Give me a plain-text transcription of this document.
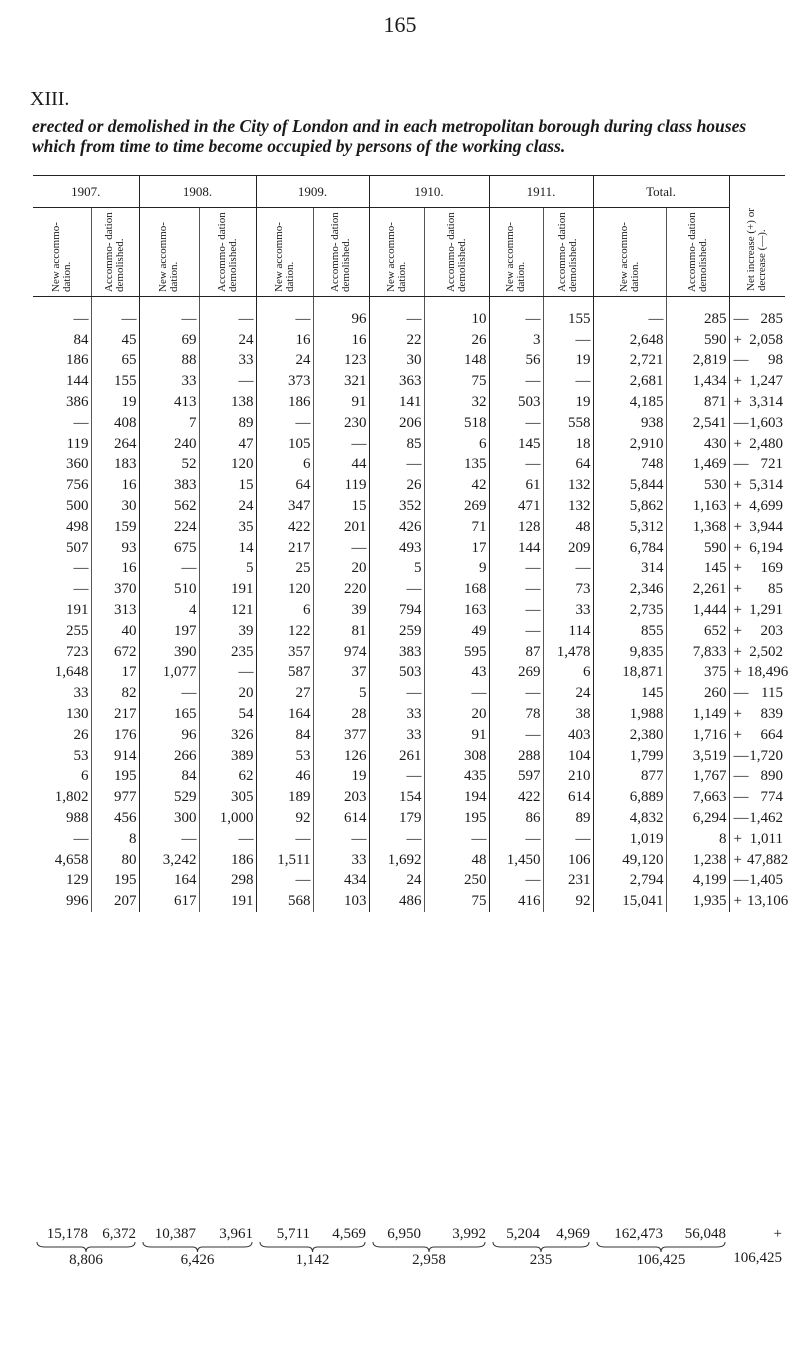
165
XIII.
erected or demolished in the City of London and in each metropolitan borough during class houses which from time to time become occupied by persons of the working class.
1907.		1908.		1909.		1910.		1911.		Total.		Net increase (+) or decrease (—).	

New accommo- dation.	Accommo- dation demolished.	New accommo- dation.	Accommo- dation demolished.	New accommo- dation.	Accommo- dation demolished.	New accommo- dation.	Accommo- dation demolished.	New accommo- dation.	Accommo- dation demolished.	New accommo- dation.	Accommo- dation demolished.		

—	—	—	—	—	96	—	10	—	155	—	285	—	285
84	45	69	24	16	16	22	26	3	—	2,648	590	+	2,058
186	65	88	33	24	123	30	148	56	19	2,721	2,819	—	98
144	155	33	—	373	321	363	75	—	—	2,681	1,434	+	1,247
386	19	413	138	186	91	141	32	503	19	4,185	871	+	3,314
—	408	7	89	—	230	206	518	—	558	938	2,541	—	1,603
119	264	240	47	105	—	85	6	145	18	2,910	430	+	2,480
360	183	52	120	6	44	—	135	—	64	748	1,469	—	721
756	16	383	15	64	119	26	42	61	132	5,844	530	+	5,314
500	30	562	24	347	15	352	269	471	132	5,862	1,163	+	4,699
498	159	224	35	422	201	426	71	128	48	5,312	1,368	+	3,944
507	93	675	14	217	—	493	17	144	209	6,784	590	+	6,194
—	16	—	5	25	20	5	9	—	—	314	145	+	169
—	370	510	191	120	220	—	168	—	73	2,346	2,261	+	85
191	313	4	121	6	39	794	163	—	33	2,735	1,444	+	1,291
255	40	197	39	122	81	259	49	—	114	855	652	+	203
723	672	390	235	357	974	383	595	87	1,478	9,835	7,833	+	2,502
1,648	17	1,077	—	587	37	503	43	269	6	18,871	375	+	18,496
33	82	—	20	27	5	—	—	—	24	145	260	—	115
130	217	165	54	164	28	33	20	78	38	1,988	1,149	+	839
26	176	96	326	84	377	33	91	—	403	2,380	1,716	+	664
53	914	266	389	53	126	261	308	288	104	1,799	3,519	—	1,720
6	195	84	62	46	19	—	435	597	210	877	1,767	—	890
1,802	977	529	305	189	203	154	194	422	614	6,889	7,663	—	774
988	456	300	1,000	92	614	179	195	86	89	4,832	6,294	—	1,462
—	8	—	—	—	—	—	—	—	—	1,019	8	+	1,011
4,658	80	3,242	186	1,511	33	1,692	48	1,450	106	49,120	1,238	+	47,882
129	195	164	298	—	434	24	250	—	231	2,794	4,199	—	1,405
996	207	617	191	568	103	486	75	416	92	15,041	1,935	+	13,106
15,178 6,372	10,387	3,961	5,711	4,569	6,950	3,992	5,204	4,969	162,473	56,048	+ 106,425
8,806	6,426	1,142	2,958	235	106,425
